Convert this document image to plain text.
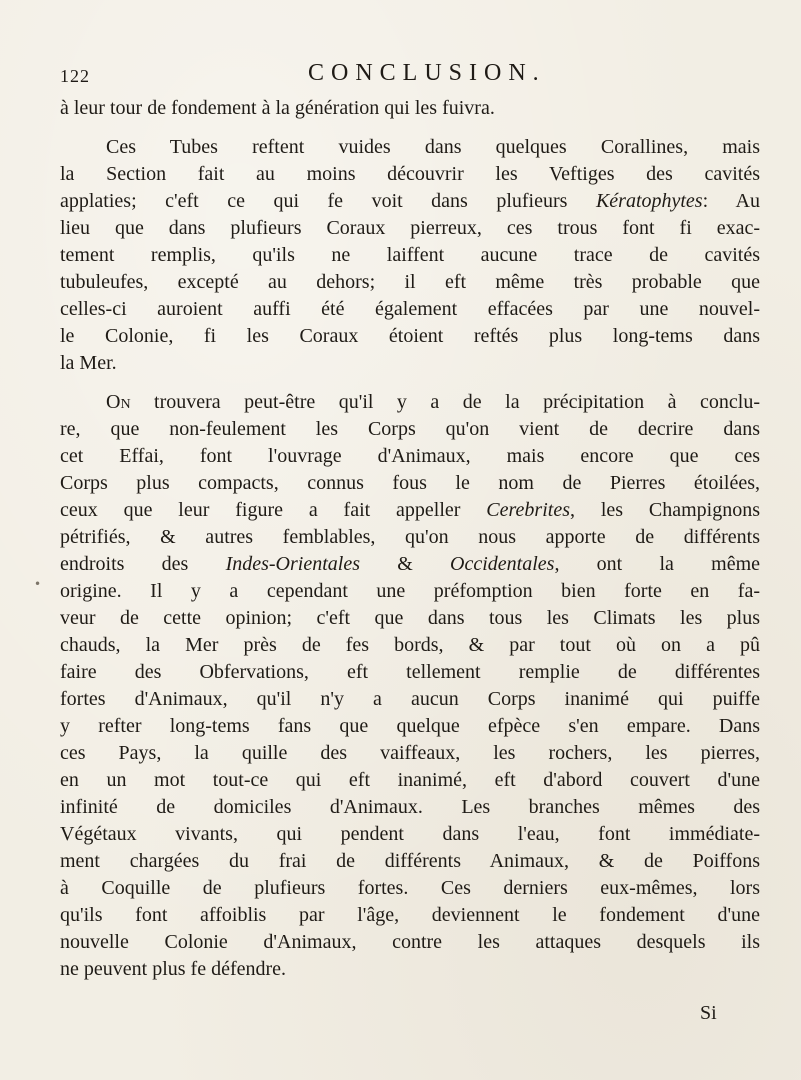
122	CONCLUSION.
•
à leur tour de fondement à la génération qui les fuivra.
Ces Tubes reftent vuides dans quelques Corallines, mais
la Section fait au moins découvrir les Veftiges des cavités
applaties; c'eft ce qui fe voit dans plufieurs Kératophytes: Au
lieu que dans plufieurs Coraux pierreux, ces trous font fi exac-
tement remplis, qu'ils ne laiffent aucune trace de cavités
tubuleufes, excepté au dehors; il eft même très probable que
celles-ci auroient auffi été également effacées par une nouvel-
le Colonie, fi les Coraux étoient reftés plus long-tems dans
la Mer.
On trouvera peut-être qu'il y a de la précipitation à conclu-
re, que non-feulement les Corps qu'on vient de decrire dans
cet Effai, font l'ouvrage d'Animaux, mais encore que ces
Corps plus compacts, connus fous le nom de Pierres étoilées,
ceux que leur figure a fait appeller Cerebrites, les Champignons
pétrifiés, & autres femblables, qu'on nous apporte de différents
endroits des Indes-Orientales & Occidentales, ont la même
origine. Il y a cependant une préfomption bien forte en fa-
veur de cette opinion; c'eft que dans tous les Climats les plus
chauds, la Mer près de fes bords, & par tout où on a pû
faire des Obfervations, eft tellement remplie de différentes
fortes d'Animaux, qu'il n'y a aucun Corps inanimé qui puiffe
y refter long-tems fans que quelque efpèce s'en empare. Dans
ces Pays, la quille des vaiffeaux, les rochers, les pierres,
en un mot tout-ce qui eft inanimé, eft d'abord couvert d'une
infinité de domiciles d'Animaux. Les branches mêmes des
Végétaux vivants, qui pendent dans l'eau, font immédiate-
ment chargées du frai de différents Animaux, & de Poiffons
à Coquille de plufieurs fortes. Ces derniers eux-mêmes, lors
qu'ils font affoiblis par l'âge, deviennent le fondement d'une
nouvelle Colonie d'Animaux, contre les attaques desquels ils
ne peuvent plus fe défendre.
Si
